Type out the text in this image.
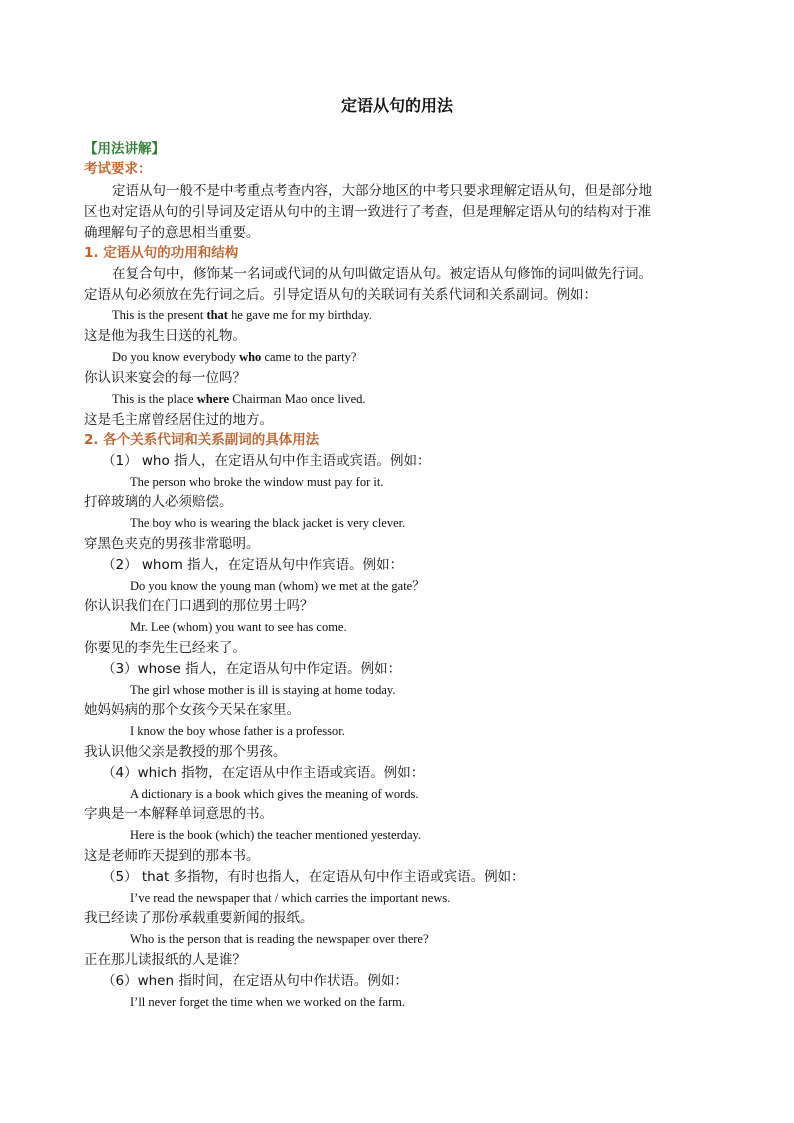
定语从句的用法
【用法讲解】
考试要求：
定语从句一般不是中考重点考查内容，大部分地区的中考只要求理解定语从句，但是部分地
区也对定语从句的引导词及定语从句中的主谓一致进行了考查，但是理解定语从句的结构对于准
确理解句子的意思相当重要。
1. 定语从句的功用和结构
在复合句中，修饰某一名词或代词的从句叫做定语从句。被定语从句修饰的词叫做先行词。
定语从句必须放在先行词之后。引导定语从句的关联词有关系代词和关系副词。例如：
This is the present that he gave me for my birthday.
这是他为我生日送的礼物。
Do you know everybody who came to the party?
你认识来宴会的每一位吗？
This is the place where Chairman Mao once lived.
这是毛主席曾经居住过的地方。
2. 各个关系代词和关系副词的具体用法
（1） who 指人，在定语从句中作主语或宾语。例如：
The person who broke the window must pay for it.
打碎玻璃的人必须赔偿。
The boy who is wearing the black jacket is very clever.
穿黑色夹克的男孩非常聪明。
（2） whom 指人，在定语从句中作宾语。例如：
Do you know the young man (whom) we met at the gate？
你认识我们在门口遇到的那位男士吗？
Mr. Lee (whom) you want to see has come.
你要见的李先生已经来了。
（3）whose 指人，在定语从句中作定语。例如：
The girl whose mother is ill is staying at home today.
她妈妈病的那个女孩今天呆在家里。
I know the boy whose father is a professor.
我认识他父亲是教授的那个男孩。
（4）which 指物，在定语从中作主语或宾语。例如：
A dictionary is a book which gives the meaning of words.
字典是一本解释单词意思的书。
Here is the book (which) the teacher mentioned yesterday.
这是老师昨天提到的那本书。
（5） that 多指物，有时也指人，在定语从句中作主语或宾语。例如：
I’ve read the newspaper that / which carries the important news.
我已经读了那份承载重要新闻的报纸。
Who is the person that is reading the newspaper over there?
正在那儿读报纸的人是谁？
（6）when 指时间，在定语从句中作状语。例如：
I’ll never forget the time when we worked on the farm.
